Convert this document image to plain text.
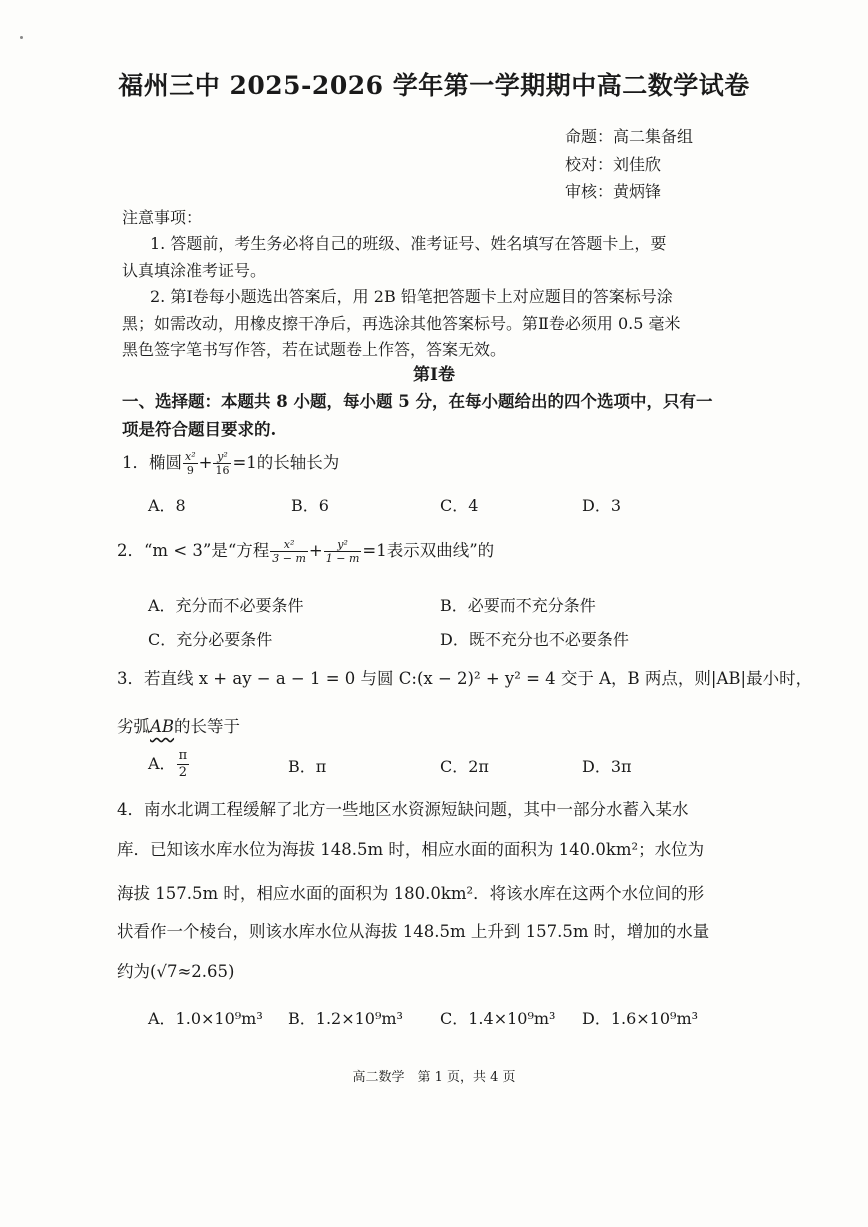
福州三中 2025-2026 学年第一学期期中高二数学试卷
命题：高二集备组
校对：刘佳欣
审核：黄炳锋
注意事项：
1. 答题前，考生务必将自己的班级、准考证号、姓名填写在答题卡上，要
认真填涂准考证号。
2. 第Ⅰ卷每小题选出答案后，用 2B 铅笔把答题卡上对应题目的答案标号涂
黑；如需改动，用橡皮擦干净后，再选涂其他答案标号。第Ⅱ卷必须用 0.5 毫米
黑色签字笔书写作答，若在试题卷上作答，答案无效。
第Ⅰ卷
一、选择题：本题共 8 小题，每小题 5 分，在每小题给出的四个选项中，只有一
项是符合题目要求的.
1．椭圆 $\frac{\text{x²}}{9} + \frac{\text{y²}}{16} =1$的长轴长为
A．8	B．6	C．4	D．3
2．“m < 3”是“方程 $\frac{\text{x²}}{3 - m} + \frac{\text{y²}}{1 - m} =1$表示双曲线”的
A．充分而不必要条件	B．必要而不充分条件
C．充分必要条件	D．既不充分也不必要条件
3．若直线 x + ay − a − 1 = 0 与圆 C:(x − 2)² + y² = 4 交于 A，B 两点，则|AB|最小时，
劣弧AB的长等于
A． $\frac{\pi}{2}$	B．π	C．2π	D．3π
4．南水北调工程缓解了北方一些地区水资源短缺问题，其中一部分水蓄入某水
库．已知该水库水位为海拔 148.5m 时，相应水面的面积为 140.0km²；水位为
海拔 157.5m 时，相应水面的面积为 180.0km²．将该水库在这两个水位间的形
状看作一个棱台，则该水库水位从海拔 148.5m 上升到 157.5m 时，增加的水量
约为(√7≈2.65)
A．1.0×10⁹m³ B．1.2×10⁹m³ C．1.4×10⁹m³ D．1.6×10⁹m³
高二数学　第 1 页，共 4 页
